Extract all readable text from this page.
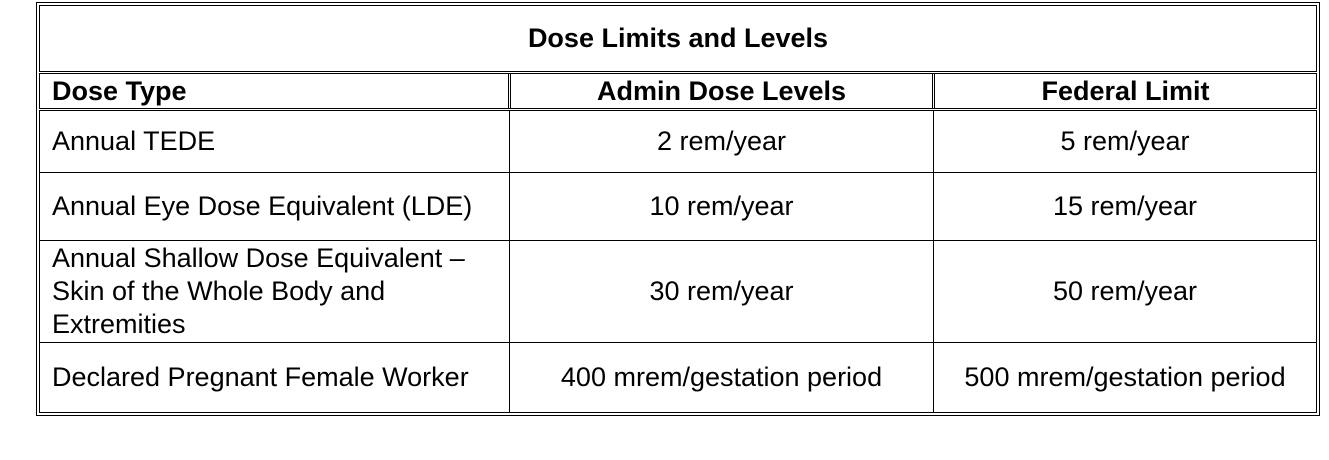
Dose Limits and Levels		
Dose Type	Admin Dose Levels	Federal Limit
Annual TEDE	2 rem/year	5 rem/year
Annual Eye Dose Equivalent (LDE)	10 rem/year	15 rem/year
Annual Shallow Dose Equivalent – Skin of the Whole Body and Extremities	30 rem/year	50 rem/year
Declared Pregnant Female Worker	400 mrem/gestation period	500 mrem/gestation period
